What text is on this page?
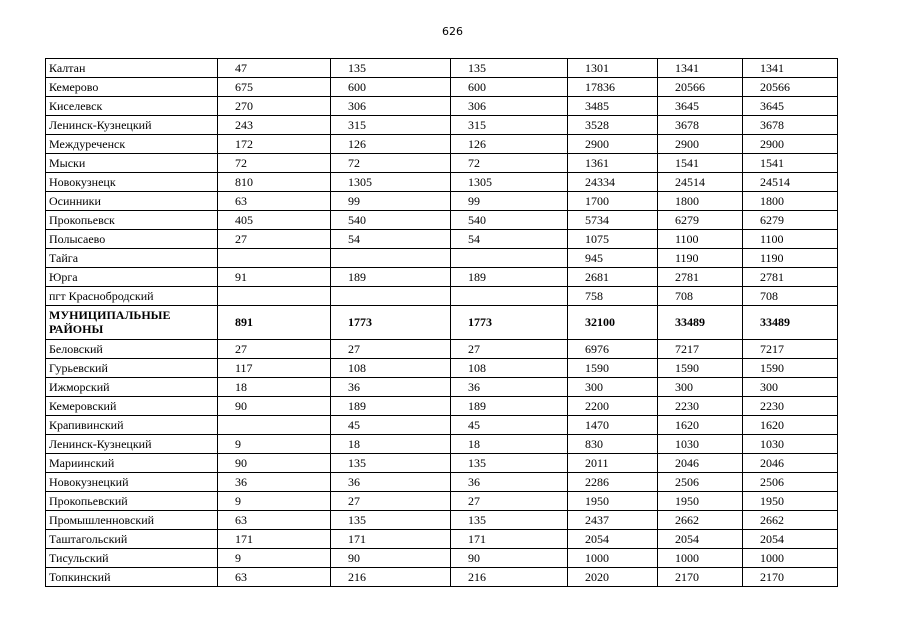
626
Калтан	47	135	135	1301	1341	1341
Кемерово	675	600	600	17836	20566	20566
Киселевск	270	306	306	3485	3645	3645
Ленинск-Кузнецкий	243	315	315	3528	3678	3678
Междуреченск	172	126	126	2900	2900	2900
Мыски	72	72	72	1361	1541	1541
Новокузнецк	810	1305	1305	24334	24514	24514
Осинники	63	99	99	1700	1800	1800
Прокопьевск	405	540	540	5734	6279	6279
Полысаево	27	54	54	1075	1100	1100
Тайга				945	1190	1190
Юрга	91	189	189	2681	2781	2781
пгт Краснобродский				758	708	708
МУНИЦИПАЛЬНЫЕ РАЙОНЫ	891	1773	1773	32100	33489	33489
Беловский	27	27	27	6976	7217	7217
Гурьевский	117	108	108	1590	1590	1590
Ижморский	18	36	36	300	300	300
Кемеровский	90	189	189	2200	2230	2230
Крапивинский		45	45	1470	1620	1620
Ленинск-Кузнецкий	9	18	18	830	1030	1030
Мариинский	90	135	135	2011	2046	2046
Новокузнецкий	36	36	36	2286	2506	2506
Прокопьевский	9	27	27	1950	1950	1950
Промышленновский	63	135	135	2437	2662	2662
Таштагольский	171	171	171	2054	2054	2054
Тисульский	9	90	90	1000	1000	1000
Топкинский	63	216	216	2020	2170	2170
